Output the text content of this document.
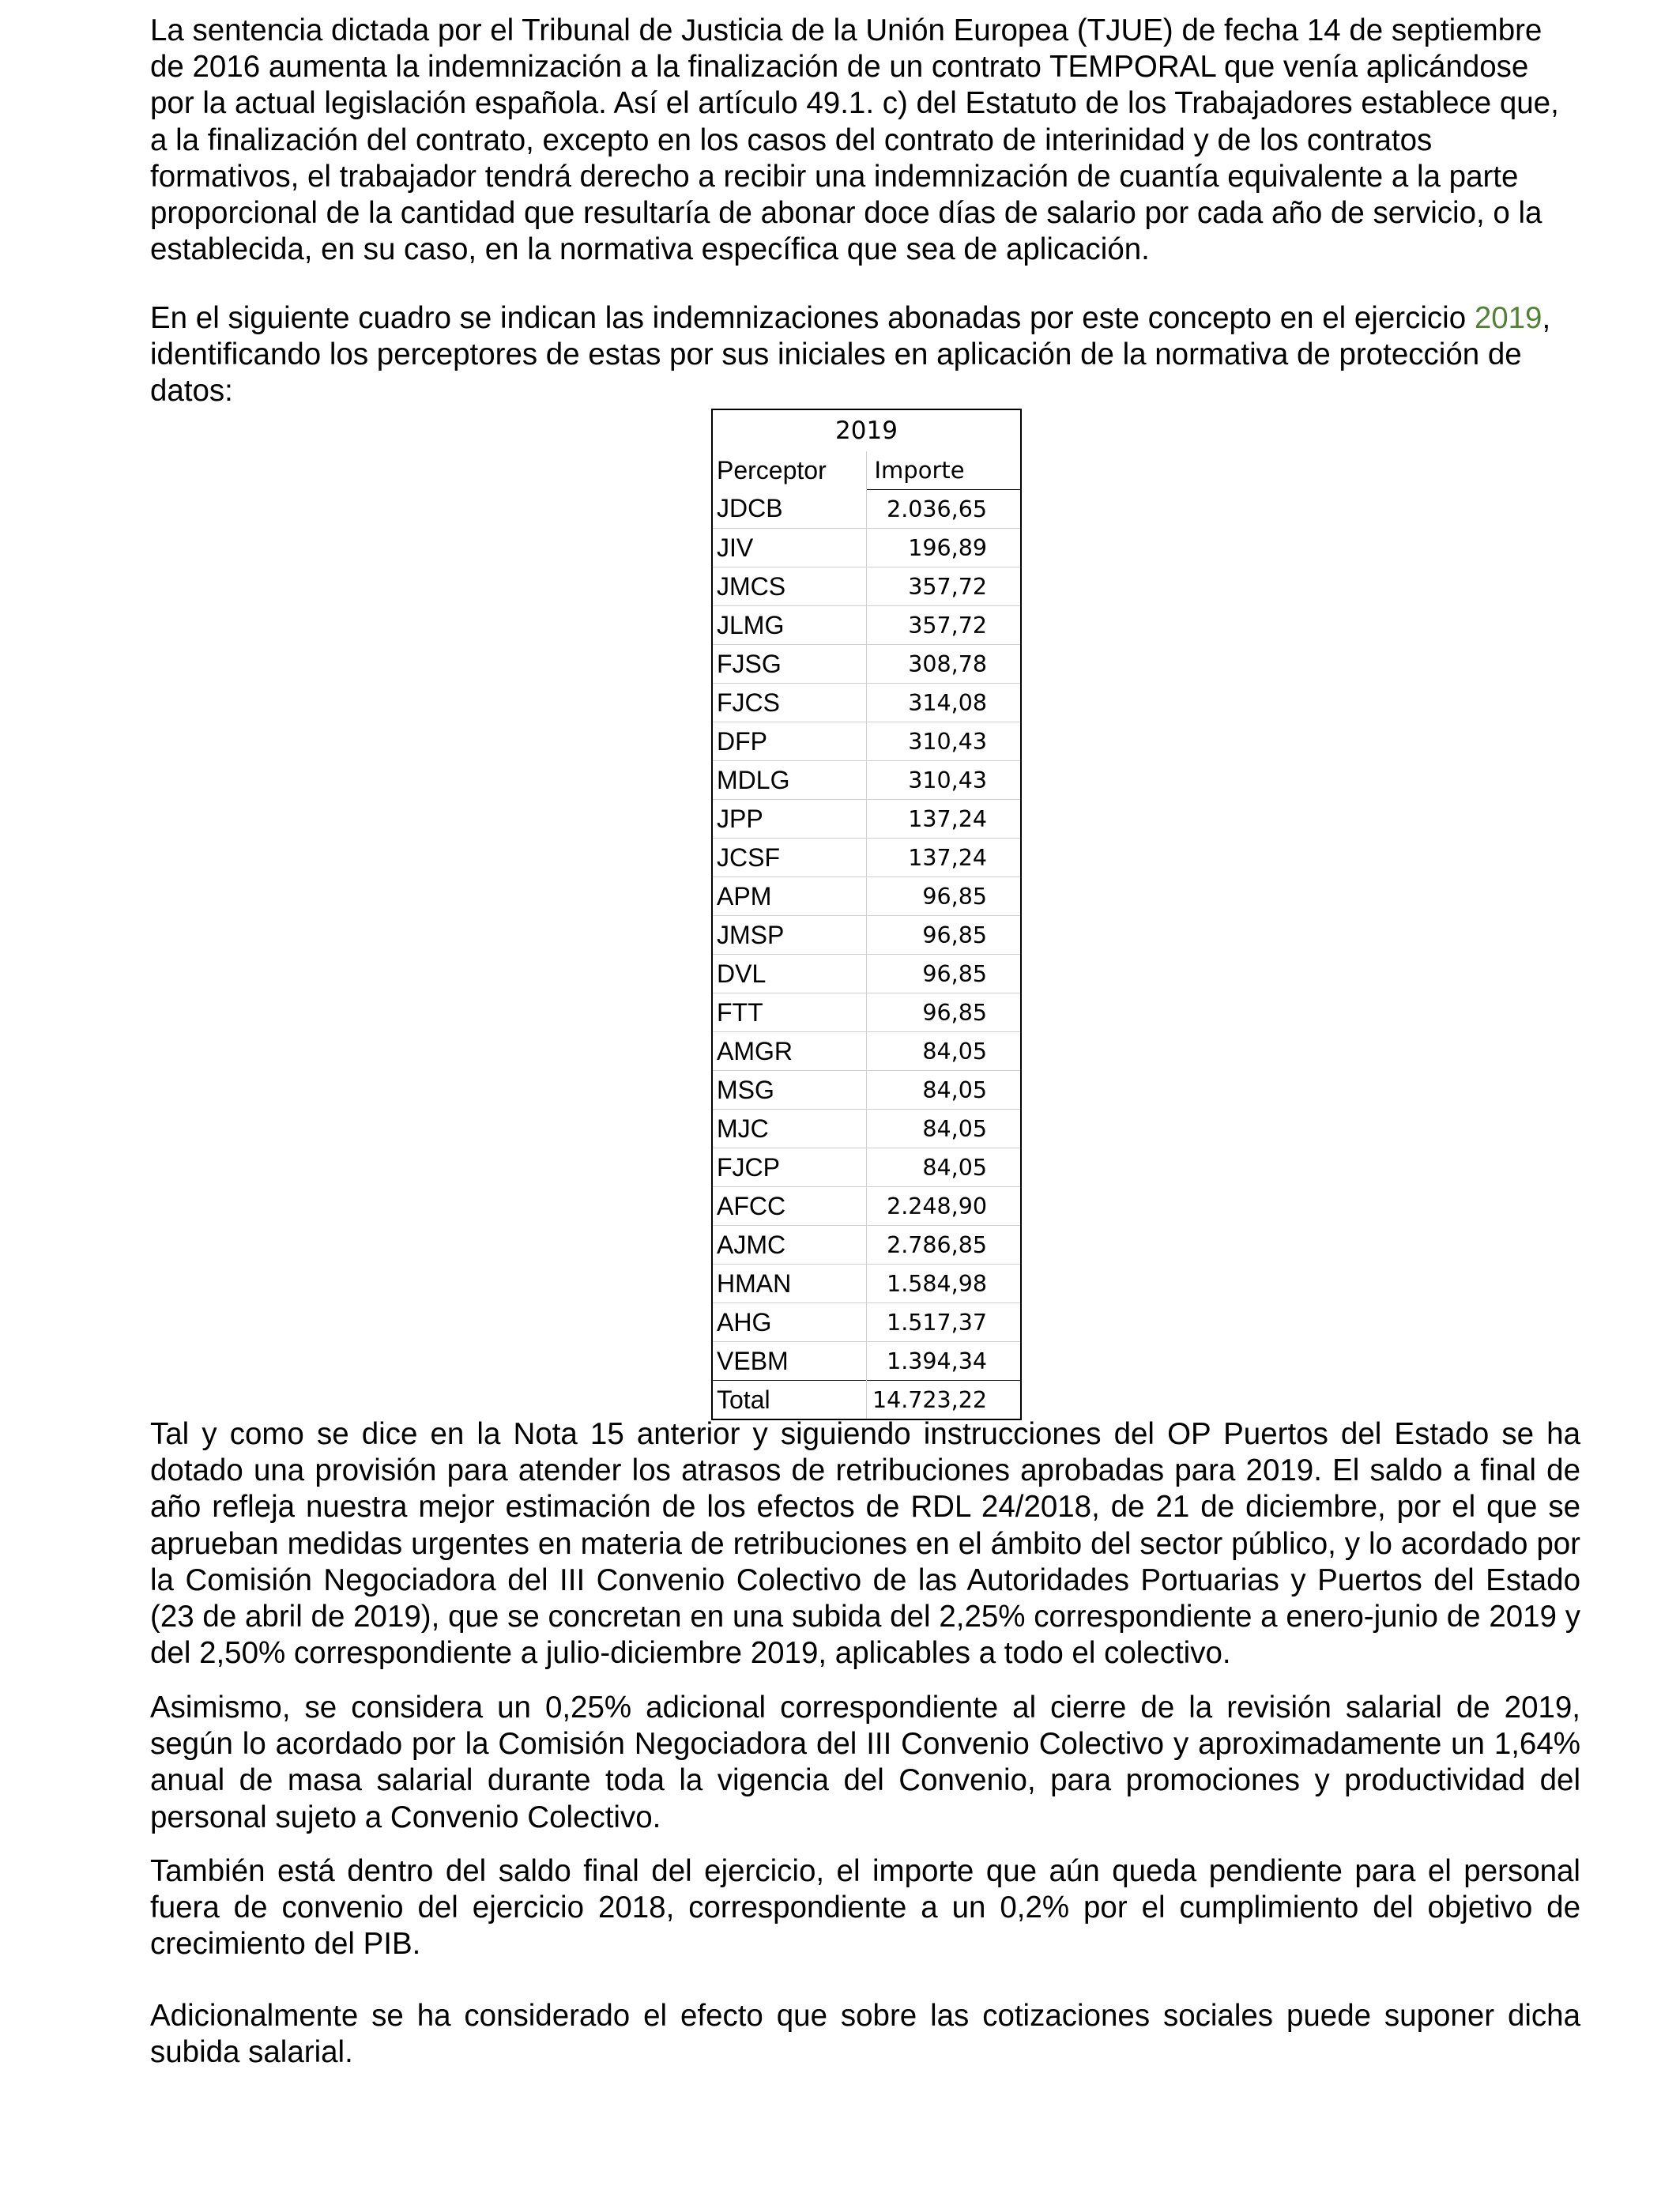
La sentencia dictada por el Tribunal de Justicia de la Unión Europea (TJUE) de fecha 14 de septiembre de 2016 aumenta la indemnización a la finalización de un contrato TEMPORAL que venía aplicándose por la actual legislación española. Así el artículo 49.1. c) del Estatuto de los Trabajadores establece que, a la finalización del contrato, excepto en los casos del contrato de interinidad y de los contratos formativos, el trabajador tendrá derecho a recibir una indemnización de cuantía equivalente a la parte proporcional de la cantidad que resultaría de abonar doce días de salario por cada año de servicio, o la establecida, en su caso, en la normativa específica que sea de aplicación.

En el siguiente cuadro se indican las indemnizaciones abonadas por este concepto en el ejercicio 2019, identificando los perceptores de estas por sus iniciales en aplicación de la normativa de protección de datos:

2019	
Perceptor	Importe
JDCB	2.036,65
JIV	196,89
JMCS	357,72
JLMG	357,72
FJSG	308,78
FJCS	314,08
DFP	310,43
MDLG	310,43
JPP	137,24
JCSF	137,24
APM	96,85
JMSP	96,85
DVL	96,85
FTT	96,85
AMGR	84,05
MSG	84,05
MJC	84,05
FJCP	84,05
AFCC	2.248,90
AJMC	2.786,85
HMAN	1.584,98
AHG	1.517,37
VEBM	1.394,34
Total	14.723,22

Tal y como se dice en la Nota 15 anterior y siguiendo instrucciones del OP Puertos del Estado se ha dotado una provisión para atender los atrasos de retribuciones aprobadas para 2019. El saldo a final de año refleja nuestra mejor estimación de los efectos de RDL 24/2018, de 21 de diciembre, por el que se aprueban medidas urgentes en materia de retribuciones en el ámbito del sector público, y lo acordado por la Comisión Negociadora del III Convenio Colectivo de las Autoridades Portuarias y Puertos del Estado (23 de abril de 2019), que se concretan en una subida del 2,25% correspondiente a enero-junio de 2019 y del 2,50% correspondiente a julio-diciembre 2019, aplicables a todo el colectivo.

Asimismo, se considera un 0,25% adicional correspondiente al cierre de la revisión salarial de 2019, según lo acordado por la Comisión Negociadora del III Convenio Colectivo y aproximadamente un 1,64% anual de masa salarial durante toda la vigencia del Convenio, para promociones y productividad del personal sujeto a Convenio Colectivo.

También está dentro del saldo final del ejercicio, el importe que aún queda pendiente para el personal fuera de convenio del ejercicio 2018, correspondiente a un 0,2% por el cumplimiento del objetivo de crecimiento del PIB.

Adicionalmente se ha considerado el efecto que sobre las cotizaciones sociales puede suponer dicha subida salarial.
